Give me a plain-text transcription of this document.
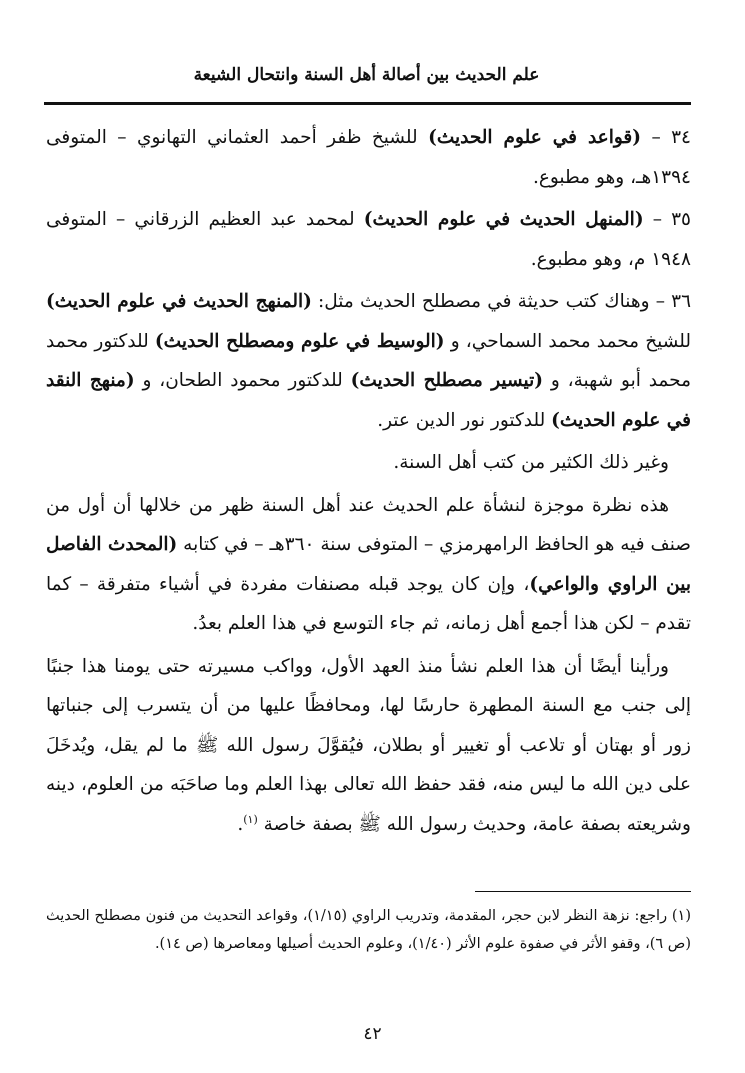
علم الحديث بين أصالة أهل السنة وانتحال الشيعة

٣٤ – (قواعد في علوم الحديث) للشيخ ظفر أحمد العثماني التهانوي – المتوفى ١٣٩٤هـ، وهو مطبوع.

٣٥ – (المنهل الحديث في علوم الحديث) لمحمد عبد العظيم الزرقاني – المتوفى ١٩٤٨ م، وهو مطبوع.

٣٦ – وهناك كتب حديثة في مصطلح الحديث مثل: (المنهج الحديث في علوم الحديث) للشيخ محمد محمد السماحي، و (الوسيط في علوم ومصطلح الحديث) للدكتور محمد محمد أبو شهبة، و (تيسير مصطلح الحديث) للدكتور محمود الطحان، و (منهج النقد في علوم الحديث) للدكتور نور الدين عتر.

وغير ذلك الكثير من كتب أهل السنة.

هذه نظرة موجزة لنشأة علم الحديث عند أهل السنة ظهر من خلالها أن أول من صنف فيه هو الحافظ الرامهرمزي – المتوفى سنة ٣٦٠هـ – في كتابه (المحدث الفاصل بين الراوي والواعي)، وإن كان يوجد قبله مصنفات مفردة في أشياء متفرقة – كما تقدم – لكن هذا أجمع أهل زمانه، ثم جاء التوسع في هذا العلم بعدُ.

ورأينا أيضًا أن هذا العلم نشأ منذ العهد الأول، وواكب مسيرته حتى يومنا هذا جنبًا إلى جنب مع السنة المطهرة حارسًا لها، ومحافظًا عليها من أن يتسرب إلى جنباتها زور أو بهتان أو تلاعب أو تغيير أو بطلان، فيُقوَّلَ رسول الله ﷺ ما لم يقل، ويُدخَلَ على دين الله ما ليس منه، فقد حفظ الله تعالى بهذا العلم وما صاحَبَه من العلوم، دينه وشريعته بصفة عامة، وحديث رسول الله ﷺ بصفة خاصة $^{(١)}$.

(١) راجع: نزهة النظر لابن حجر، المقدمة، وتدريب الراوي (١/١٥)، وقواعد التحديث من فنون مصطلح الحديث (ص ٦)، وقفو الأثر في صفوة علوم الأثر (١/٤٠)، وعلوم الحديث أصيلها ومعاصرها (ص ١٤).
٤٢
